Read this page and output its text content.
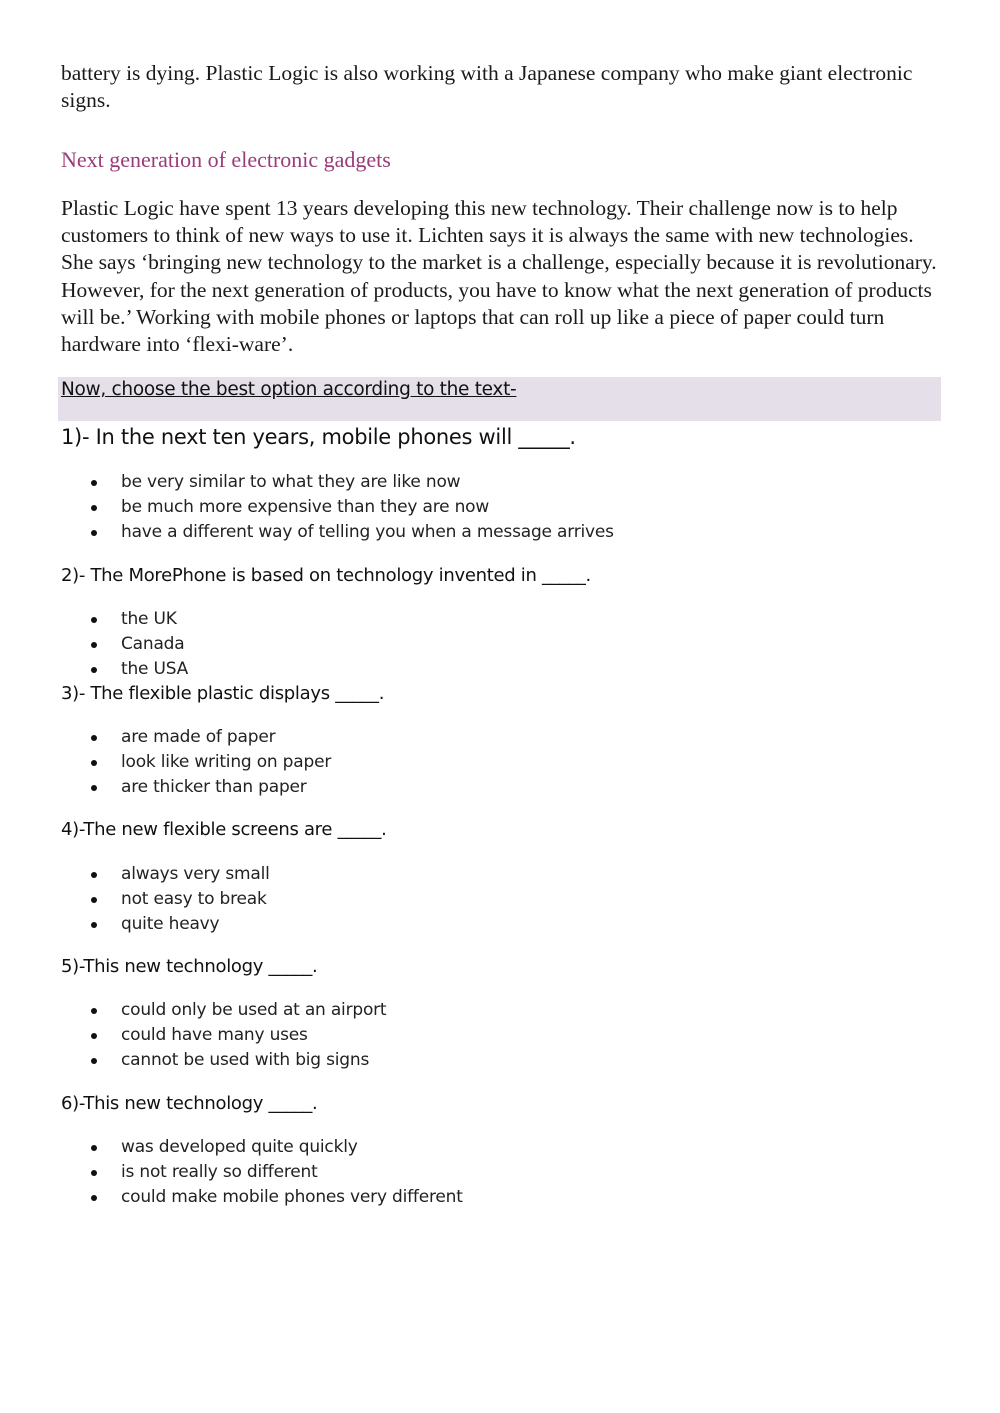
battery is dying. Plastic Logic is also working with a Japanese company who make giant electronic signs.

Next generation of electronic gadgets

Plastic Logic have spent 13 years developing this new technology. Their challenge now is to help customers to think of new ways to use it. Lichten says it is always the same with new technologies. She says ‘bringing new technology to the market is a challenge, especially because it is revolutionary. However, for the next generation of products, you have to know what the next generation of products will be.’ Working with mobile phones or laptops that can roll up like a piece of paper could turn hardware into ‘flexi-ware’.

Now, choose the best option according to the text-

1)- In the next ten years, mobile phones will _____.

be very similar to what they are like now
be much more expensive than they are now
have a different way of telling you when a message arrives

2)- The MorePhone is based on technology invented in _____.

the UK
Canada
the USA

3)- The flexible plastic displays _____.

are made of paper
look like writing on paper
are thicker than paper

4)-The new flexible screens are _____.

always very small
not easy to break
quite heavy

5)-This new technology _____.

could only be used at an airport
could have many uses
cannot be used with big signs

6)-This new technology _____.

was developed quite quickly
is not really so different
could make mobile phones very different
